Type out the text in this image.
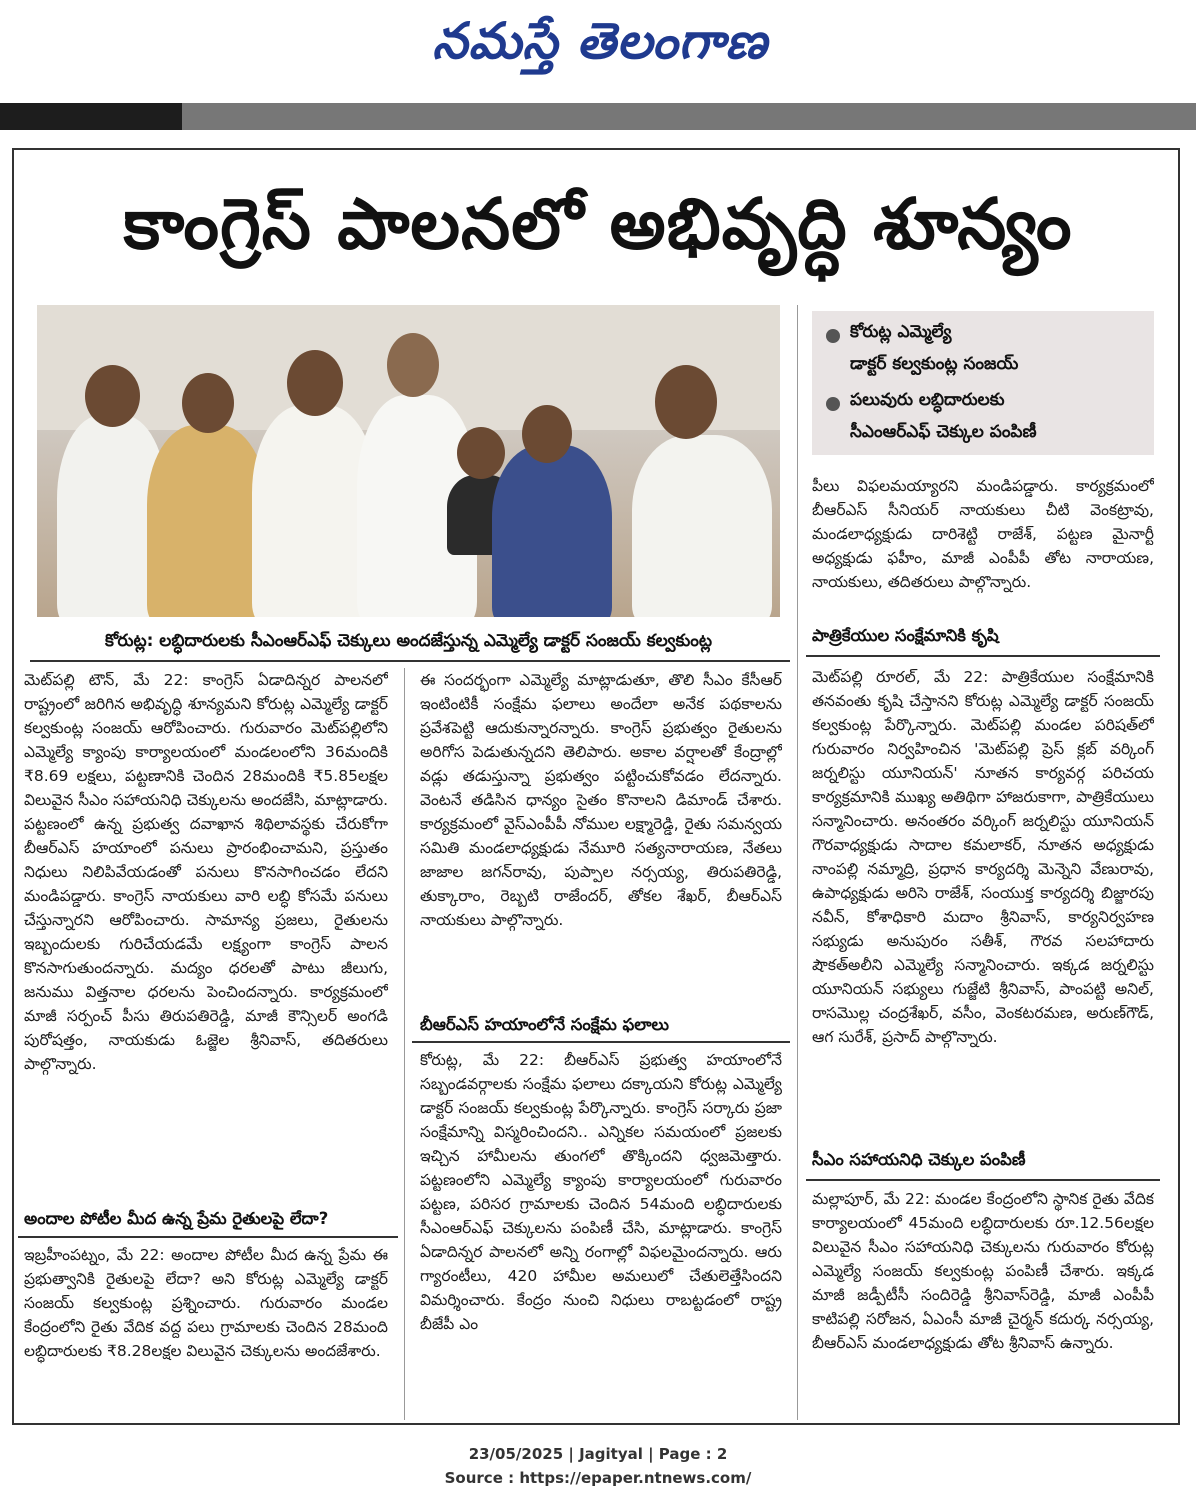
నమస్తే తెలంగాణ
కాంగ్రెస్ పాలనలో అభివృద్ధి శూన్యం
కోరుట్ల: లబ్ధిదారులకు సీఎంఆర్ఎఫ్ చెక్కులు అందజేస్తున్న ఎమ్మెల్యే డాక్టర్ సంజయ్ కల్వకుంట్ల
కోరుట్ల ఎమ్మెల్యే
డాక్టర్ కల్వకుంట్ల సంజయ్
పలువురు లబ్ధిదారులకు
సీఎంఆర్ఎఫ్ చెక్కుల పంపిణీ
పీలు విఫలమయ్యారని మండిపడ్డారు. కార్యక్రమంలో బీఆర్ఎస్ సీనియర్ నాయకులు చీటి వెంకట్రావు, మండలాధ్యక్షుడు దారిశెట్టి రాజేశ్, పట్టణ మైనార్టీ అధ్యక్షుడు ఫహీం, మాజీ ఎంపీపీ తోట నారాయణ, నాయకులు, తదితరులు పాల్గొన్నారు.
పాత్రికేయుల సంక్షేమానికి కృషి
మెట్‌పల్లి రూరల్, మే 22: పాత్రికేయుల సంక్షేమానికి తనవంతు కృషి చేస్తానని కోరుట్ల ఎమ్మెల్యే డాక్టర్ సంజయ్ కల్వకుంట్ల పేర్కొన్నారు. మెట్‌పల్లి మండల పరిషత్‌లో గురువారం నిర్వహించిన 'మెట్‌పల్లి ప్రెస్ క్లబ్ వర్కింగ్ జర్నలిస్టు యూనియన్' నూతన కార్యవర్గ పరిచయ కార్యక్రమానికి ముఖ్య అతిథిగా హాజరుకాగా, పాత్రికేయులు సన్మానించారు. అనంతరం వర్కింగ్ జర్నలిస్టు యూనియన్ గౌరవాధ్యక్షుడు సాదాల కమలాకర్, నూతన అధ్యక్షుడు నాంపల్లి నమ్మాద్రి, ప్రధాన కార్యదర్శి మెన్నెని వేణురావు, ఉపాధ్యక్షుడు అరిసె రాజేశ్, సంయుక్త కార్యదర్శి బిజ్జారపు నవీన్, కోశాధికారి మదాం శ్రీనివాస్, కార్యనిర్వహణ సభ్యుడు అనుపురం సతీశ్, గౌరవ సలహాదారు షౌకత్‌అలీని ఎమ్మెల్యే సన్మానించారు. ఇక్కడ జర్నలిస్టు యూనియన్ సభ్యులు గుజ్జేటి శ్రీనివాస్, పాంపట్టి అనిల్, రాసమొల్ల చంద్రశేఖర్, వసీం, వెంకటరమణ, అరుణ్‌గౌడ్, ఆగ సురేశ్, ప్రసాద్ పాల్గొన్నారు.
సీఎం సహాయనిధి చెక్కుల పంపిణీ
మల్లాపూర్, మే 22: మండల కేంద్రంలోని స్థానిక రైతు వేదిక కార్యాలయంలో 45మంది లబ్ధిదారులకు రూ.12.56లక్షల విలువైన సీఎం సహాయనిధి చెక్కులను గురువారం కోరుట్ల ఎమ్మెల్యే సంజయ్ కల్వకుంట్ల పంపిణీ చేశారు. ఇక్కడ మాజీ జడ్పీటీసీ సందిరెడ్డి శ్రీనివాస్‌రెడ్డి, మాజీ ఎంపీపీ కాటిపల్లి సరోజన, ఏఎంసీ మాజీ చైర్మన్ కదుర్క నర్సయ్య, బీఆర్ఎస్ మండలాధ్యక్షుడు తోట శ్రీనివాస్ ఉన్నారు.
మెట్‌పల్లి టౌన్, మే 22: కాంగ్రెస్ ఏడాదిన్నర పాలనలో రాష్ట్రంలో జరిగిన అభివృద్ధి శూన్యమని కోరుట్ల ఎమ్మెల్యే డాక్టర్ కల్వకుంట్ల సంజయ్ ఆరోపించారు. గురువారం మెట్‌పల్లిలోని ఎమ్మెల్యే క్యాంపు కార్యాలయంలో మండలంలోని 36మందికి ₹8.69 లక్షలు, పట్టణానికి చెందిన 28మందికి ₹5.85లక్షల విలువైన సీఎం సహాయనిధి చెక్కులను అందజేసి, మాట్లాడారు. పట్టణంలో ఉన్న ప్రభుత్వ దవాఖాన శిథిలావస్థకు చేరుకోగా బీఆర్ఎస్ హయాంలో పనులు ప్రారంభించామని, ప్రస్తుతం నిధులు నిలిపివేయడంతో పనులు కొనసాగించడం లేదని మండిపడ్డారు. కాంగ్రెస్ నాయకులు వారి లబ్ధి కోసమే పనులు చేస్తున్నారని ఆరోపించారు. సామాన్య ప్రజలు, రైతులను ఇబ్బందులకు గురిచేయడమే లక్ష్యంగా కాంగ్రెస్ పాలన కొనసాగుతుందన్నారు. మద్యం ధరలతో పాటు జీలుగు, జనుము విత్తనాల ధరలను పెంచిందన్నారు. కార్యక్రమంలో మాజీ సర్పంచ్ పీసు తిరుపతిరెడ్డి, మాజీ కౌన్సిలర్ అంగడి పురోషత్తం, నాయకుడు ఓజ్జెల శ్రీనివాస్, తదితరులు పాల్గొన్నారు.
అందాల పోటీల మీద ఉన్న ప్రేమ రైతులపై లేదా?
ఇబ్రహీంపట్నం, మే 22: అందాల పోటీల మీద ఉన్న ప్రేమ ఈ ప్రభుత్వానికి రైతులపై లేదా? అని కోరుట్ల ఎమ్మెల్యే డాక్టర్ సంజయ్ కల్వకుంట్ల ప్రశ్నించారు. గురువారం మండల కేంద్రంలోని రైతు వేదిక వద్ద పలు గ్రామాలకు చెందిన 28మంది లబ్ధిదారులకు ₹8.28లక్షల విలువైన చెక్కులను అందజేశారు.
ఈ సందర్భంగా ఎమ్మెల్యే మాట్లాడుతూ, తొలి సీఎం కేసీఆర్ ఇంటింటికీ సంక్షేమ ఫలాలు అందేలా అనేక పథకాలను ప్రవేశపెట్టి ఆదుకున్నారన్నారు. కాంగ్రెస్ ప్రభుత్వం రైతులను అరిగోస పెడుతున్నదని తెలిపారు. అకాల వర్షాలతో కేంద్రాల్లో వడ్లు తడుస్తున్నా ప్రభుత్వం పట్టించుకోవడం లేదన్నారు. వెంటనే తడిసిన ధాన్యం సైతం కొనాలని డిమాండ్ చేశారు. కార్యక్రమంలో వైస్ఎంపీపీ నోముల లక్ష్మారెడ్డి, రైతు సమన్వయ సమితి మండలాధ్యక్షుడు నేమూరి సత్యనారాయణ, నేతలు జాజాల జగన్‌రావు, పుప్పాల నర్సయ్య, తిరుపతిరెడ్డి, తుక్కారాం, రెబ్బటి రాజేందర్, తోకల శేఖర్, బీఆర్ఎస్ నాయకులు పాల్గొన్నారు.
బీఆర్ఎస్ హయాంలోనే సంక్షేమ ఫలాలు
కోరుట్ల, మే 22: బీఆర్ఎస్ ప్రభుత్వ హయాంలోనే సబ్బండవర్గాలకు సంక్షేమ ఫలాలు దక్కాయని కోరుట్ల ఎమ్మెల్యే డాక్టర్ సంజయ్ కల్వకుంట్ల పేర్కొన్నారు. కాంగ్రెస్ సర్కారు ప్రజా సంక్షేమాన్ని విస్మరించిందని.. ఎన్నికల సమయంలో ప్రజలకు ఇచ్చిన హామీలను తుంగలో తొక్కిందని ధ్వజమెత్తారు. పట్టణంలోని ఎమ్మెల్యే క్యాంపు కార్యాలయంలో గురువారం పట్టణ, పరిసర గ్రామాలకు చెందిన 54మంది లబ్ధిదారులకు సీఎంఆర్ఎఫ్ చెక్కులను పంపిణీ చేసి, మాట్లాడారు. కాంగ్రెస్ ఏడాదిన్నర పాలనలో అన్ని రంగాల్లో విఫలమైందన్నారు. ఆరు గ్యారంటీలు, 420 హామీల అమలులో చేతులెత్తేసిందని విమర్శించారు. కేంద్రం నుంచి నిధులు రాబట్టడంలో రాష్ట్ర బీజేపీ ఎం
23/05/2025 | Jagityal | Page : 2
Source : https://epaper.ntnews.com/
